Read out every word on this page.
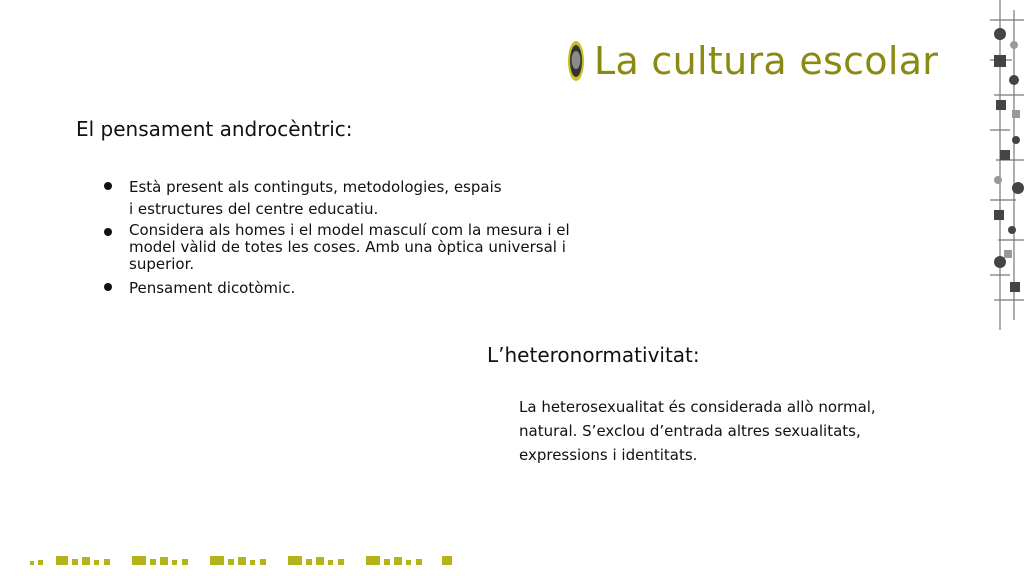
La cultura escolar
El pensament androcèntric:
Està present als continguts, metodologies, espais
i estructures del centre educatiu.
Considera als homes i el model masculí com la mesura i el model vàlid de totes les coses. Amb una òptica universal i superior.
Pensament dicotòmic.
L’heteronormativitat:
La heterosexualitat és considerada allò normal, natural. S’exclou d’entrada altres sexualitats, expressions i identitats.
